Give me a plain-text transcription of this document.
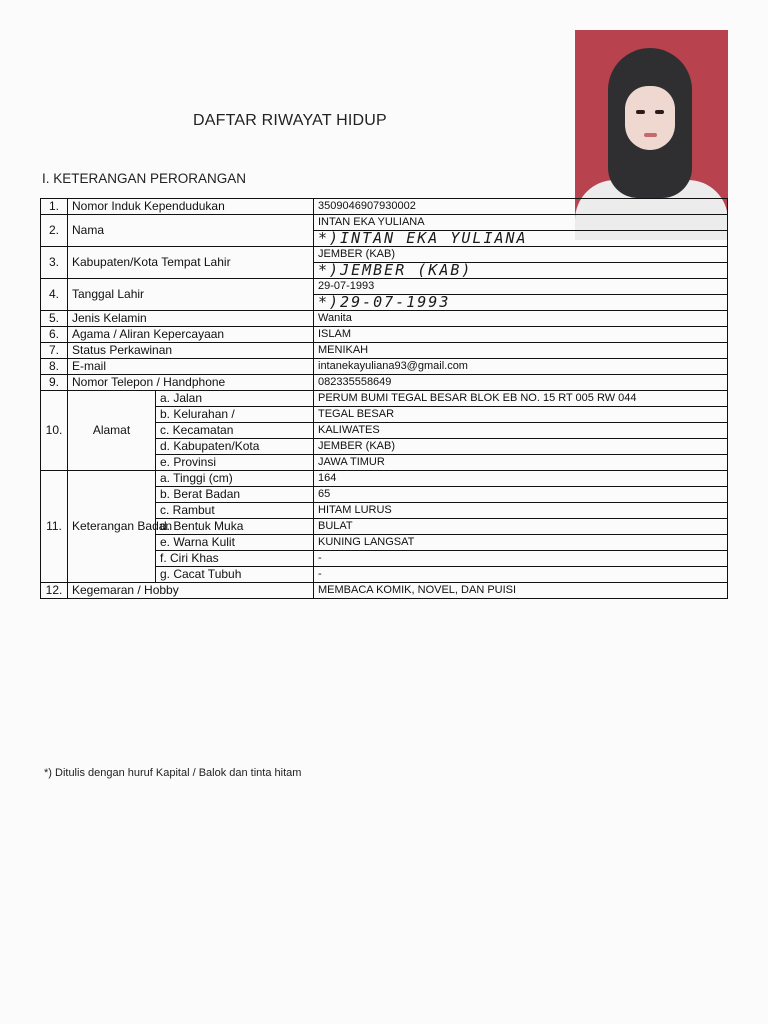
DAFTAR RIWAYAT HIDUP
I. KETERANGAN PERORANGAN
1.	Nomor Induk Kependudukan		3509046907930002
2.	Nama		INTAN EKA YULIANA
			*)INTAN EKA YULIANA
3.	Kabupaten/Kota Tempat Lahir		JEMBER (KAB)
			*)JEMBER (KAB)
4.	Tanggal Lahir		29-07-1993
			*)29-07-1993
5.	Jenis Kelamin		Wanita
6.	Agama / Aliran Kepercayaan		ISLAM
7.	Status Perkawinan		MENIKAH
8.	E-mail		intanekayuliana93@gmail.com
9.	Nomor Telepon / Handphone		082335558649
10.	Alamat	a. Jalan	PERUM BUMI TEGAL BESAR BLOK EB NO. 15 RT 005 RW 044
		b. Kelurahan /	TEGAL BESAR
		c. Kecamatan	KALIWATES
		d. Kabupaten/Kota	JEMBER (KAB)
		e. Provinsi	JAWA TIMUR
11.	Keterangan Badan	a. Tinggi (cm)	164
		b. Berat Badan	65
		c. Rambut	HITAM LURUS
		d. Bentuk Muka	BULAT
		e. Warna Kulit	KUNING LANGSAT
		f. Ciri Khas	-
		g. Cacat Tubuh	-
12.	Kegemaran / Hobby		MEMBACA KOMIK, NOVEL, DAN PUISI
*) Ditulis dengan huruf Kapital / Balok dan tinta hitam
